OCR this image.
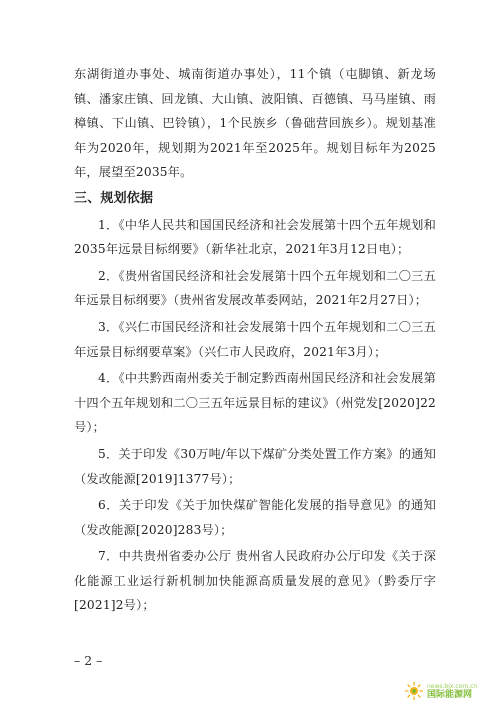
东湖街道办事处、城南街道办事处），11个镇（屯脚镇、新龙场镇、潘家庄镇、回龙镇、大山镇、波阳镇、百德镇、马马崖镇、雨樟镇、下山镇、巴铃镇），1个民族乡（鲁础营回族乡）。规划基准年为2020年，规划期为2021年至2025年。规划目标年为2025年，展望至2035年。

三、规划依据

1．《中华人民共和国国民经济和社会发展第十四个五年规划和2035年远景目标纲要》（新华社北京，2021年3月12日电）；

2．《贵州省国民经济和社会发展第十四个五年规划和二〇三五年远景目标纲要》（贵州省发展改革委网站，2021年2月27日）；

3．《兴仁市国民经济和社会发展第十四个五年规划和二〇三五年远景目标纲要草案》（兴仁市人民政府，2021年3月）；

4．《中共黔西南州委关于制定黔西南州国民经济和社会发展第十四个五年规划和二〇三五年远景目标的建议》（州党发[2020]22号）；

5．关于印发《30万吨/年以下煤矿分类处置工作方案》的通知（发改能源[2019]1377号）；

6．关于印发《关于加快煤矿智能化发展的指导意见》的通知（发改能源[2020]283号）；

7．中共贵州省委办公厅 贵州省人民政府办公厅印发《关于深化能源工业运行新机制加快能源高质量发展的意见》（黔委厅字[2021]2号）；

– 2 –
news.bjx.com.cn
国际能源网
